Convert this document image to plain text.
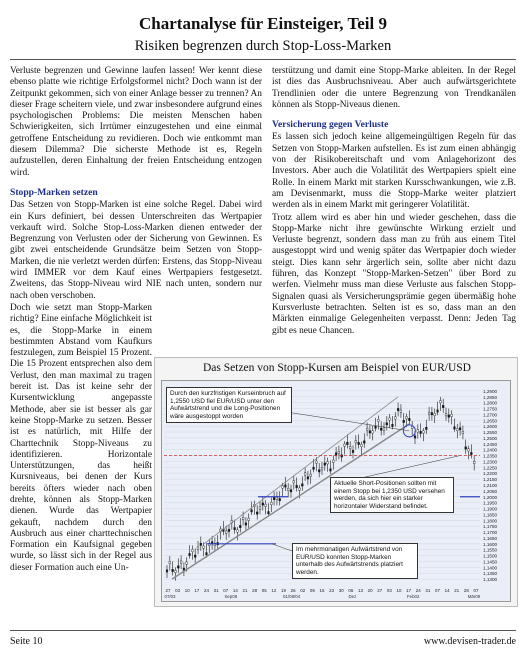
Chartanalyse für Einsteiger, Teil 9
Risiken begrenzen durch Stop-Loss-Marken

Verluste begrenzen und Gewinne laufen lassen! Wer kennt diese ebenso platte wie richtige Erfolgsformel nicht? Doch wann ist der Zeitpunkt gekommen, sich von einer Anlage besser zu trennen? An dieser Frage scheitern viele, und zwar insbesondere aufgrund eines psychologischen Problems: Die meisten Menschen haben Schwierigkeiten, sich Irrtümer einzugestehen und eine einmal getroffene Entscheidung zu revidieren. Doch wie entkommt man diesem Dilemma? Die sicherste Methode ist es, Regeln aufzustellen, deren Einhaltung der freien Entscheidung entzogen wird.

Stopp-Marken setzen

Das Setzen von Stopp-Marken ist eine solche Regel. Dabei wird ein Kurs definiert, bei dessen Unterschreiten das Wertpapier verkauft wird. Solche Stop-Loss-Marken dienen entweder der Begrenzung von Verlusten oder der Sicherung von Gewinnen. Es gibt zwei entscheidende Grundsätze beim Setzen von Stopp-Marken, die nie verletzt werden dürfen: Erstens, das Stopp-Niveau wird IMMER vor dem Kauf eines Wertpapiers festgesetzt. Zweitens, das Stopp-Niveau wird NIE nach unten, sondern nur nach oben verschoben.

Doch wie setzt man Stopp-Marken richtig? Eine einfache Möglichkeit ist es, die Stopp-Marke in einem bestimmten Abstand vom Kaufkurs festzulegen, zum Beispiel 15 Prozent. Die 15 Prozent entsprechen also dem Verlust, den man maximal zu tragen bereit ist. Das ist keine sehr der Kursentwicklung angepasste Methode, aber sie ist besser als gar keine Stopp-Marke zu setzen. Besser ist es natürlich, mit Hilfe der Charttechnik Stopp-Niveaus zu identifizieren. Horizontale Unterstützungen, das heißt Kursniveaus, bei denen der Kurs bereits öfters wieder nach oben drehte, können als Stopp-Marken dienen. Wurde das Wertpapier gekauft, nachdem durch den Ausbruch aus einer charttechnischen Formation ein Kaufsignal gegeben wurde, so lässt sich in der Regel aus dieser Formation auch eine Un-

terstützung und damit eine Stopp-Marke ableiten. In der Regel ist dies das Ausbruchsniveau. Aber auch aufwärtsgerichtete Trendlinien oder die untere Begrenzung von Trendkanälen können als Stopp-Niveaus dienen.

Versicherung gegen Verluste

Es lassen sich jedoch keine allgemeingültigen Regeln für das Setzen von Stopp-Marken aufstellen. Es ist zum einen abhängig von der Risikobereitschaft und vom Anlagehorizont des Investors. Aber auch die Volatilität des Wertpapiers spielt eine Rolle. In einem Markt mit starken Kursschwankungen, wie z.B. am Devisenmarkt, muss die Stopp-Marke weiter platziert werden als in einem Markt mit geringerer Volatilität.

Trotz allem wird es aber hin und wieder geschehen, dass die Stopp-Marke nicht ihre gewünschte Wirkung erzielt und Verluste begrenzt, sondern dass man zu früh aus einem Titel ausgestoppt wird und wenig später das Wertpapier doch wieder steigt. Dies kann sehr ärgerlich sein, sollte aber nicht dazu führen, das Konzept "Stopp-Marken-Setzen" über Bord zu werfen. Vielmehr muss man diese Verluste aus falschen Stopp-Signalen quasi als Versicherungsprämie gegen übermäßig hohe Kursverluste betrachten. Selten ist es so, dass man an den Märkten einmalige Gelegenheiten verpasst. Denn: Jeden Tag gibt es neue Chancen.

Das Setzen von Stopp-Kursen am Beispiel von EUR/USD
1,2900
1,2850
1,2800
1,2750
1,2700
1,2650
1,2600
1,2550
1,2500
1,2450
1,2400
1,2350
1,2300
1,2250
1,2200
1,2150
1,2100
1,2050
1,2000
1,1950
1,1900
1,1850
1,1800
1,1750
1,1700
1,1650
1,1600
1,1550
1,1500
1,1450
1,1400
1,1350
1,1300
27 03 10 17 24 31 07 14 21 28 05 12 19 26 02 09 16 23 30 06 13 20 27 03 10 17 24 31 07 14 21 28 07
07/03	Sep08	01/08/04	Dez	Feb02	Mär09
Durch den kurzfristigen Kurseinbruch auf 1,2550 USD fiel EUR/USD unter den Aufwärtstrend und die Long-Positionen wäre ausgestoppt worden
Aktuelle Short-Positionen sollten mit einem Stopp bei 1,2350 USD versehen werden, da sich hier ein starker horizontaler Widerstand befindet.
Im mehrmonatigen Aufwärtstrend von EUR/USD konnten Stopp-Marken unterhalb des Aufwärtstrends platziert werden.
Seite 10	www.devisen-trader.de
